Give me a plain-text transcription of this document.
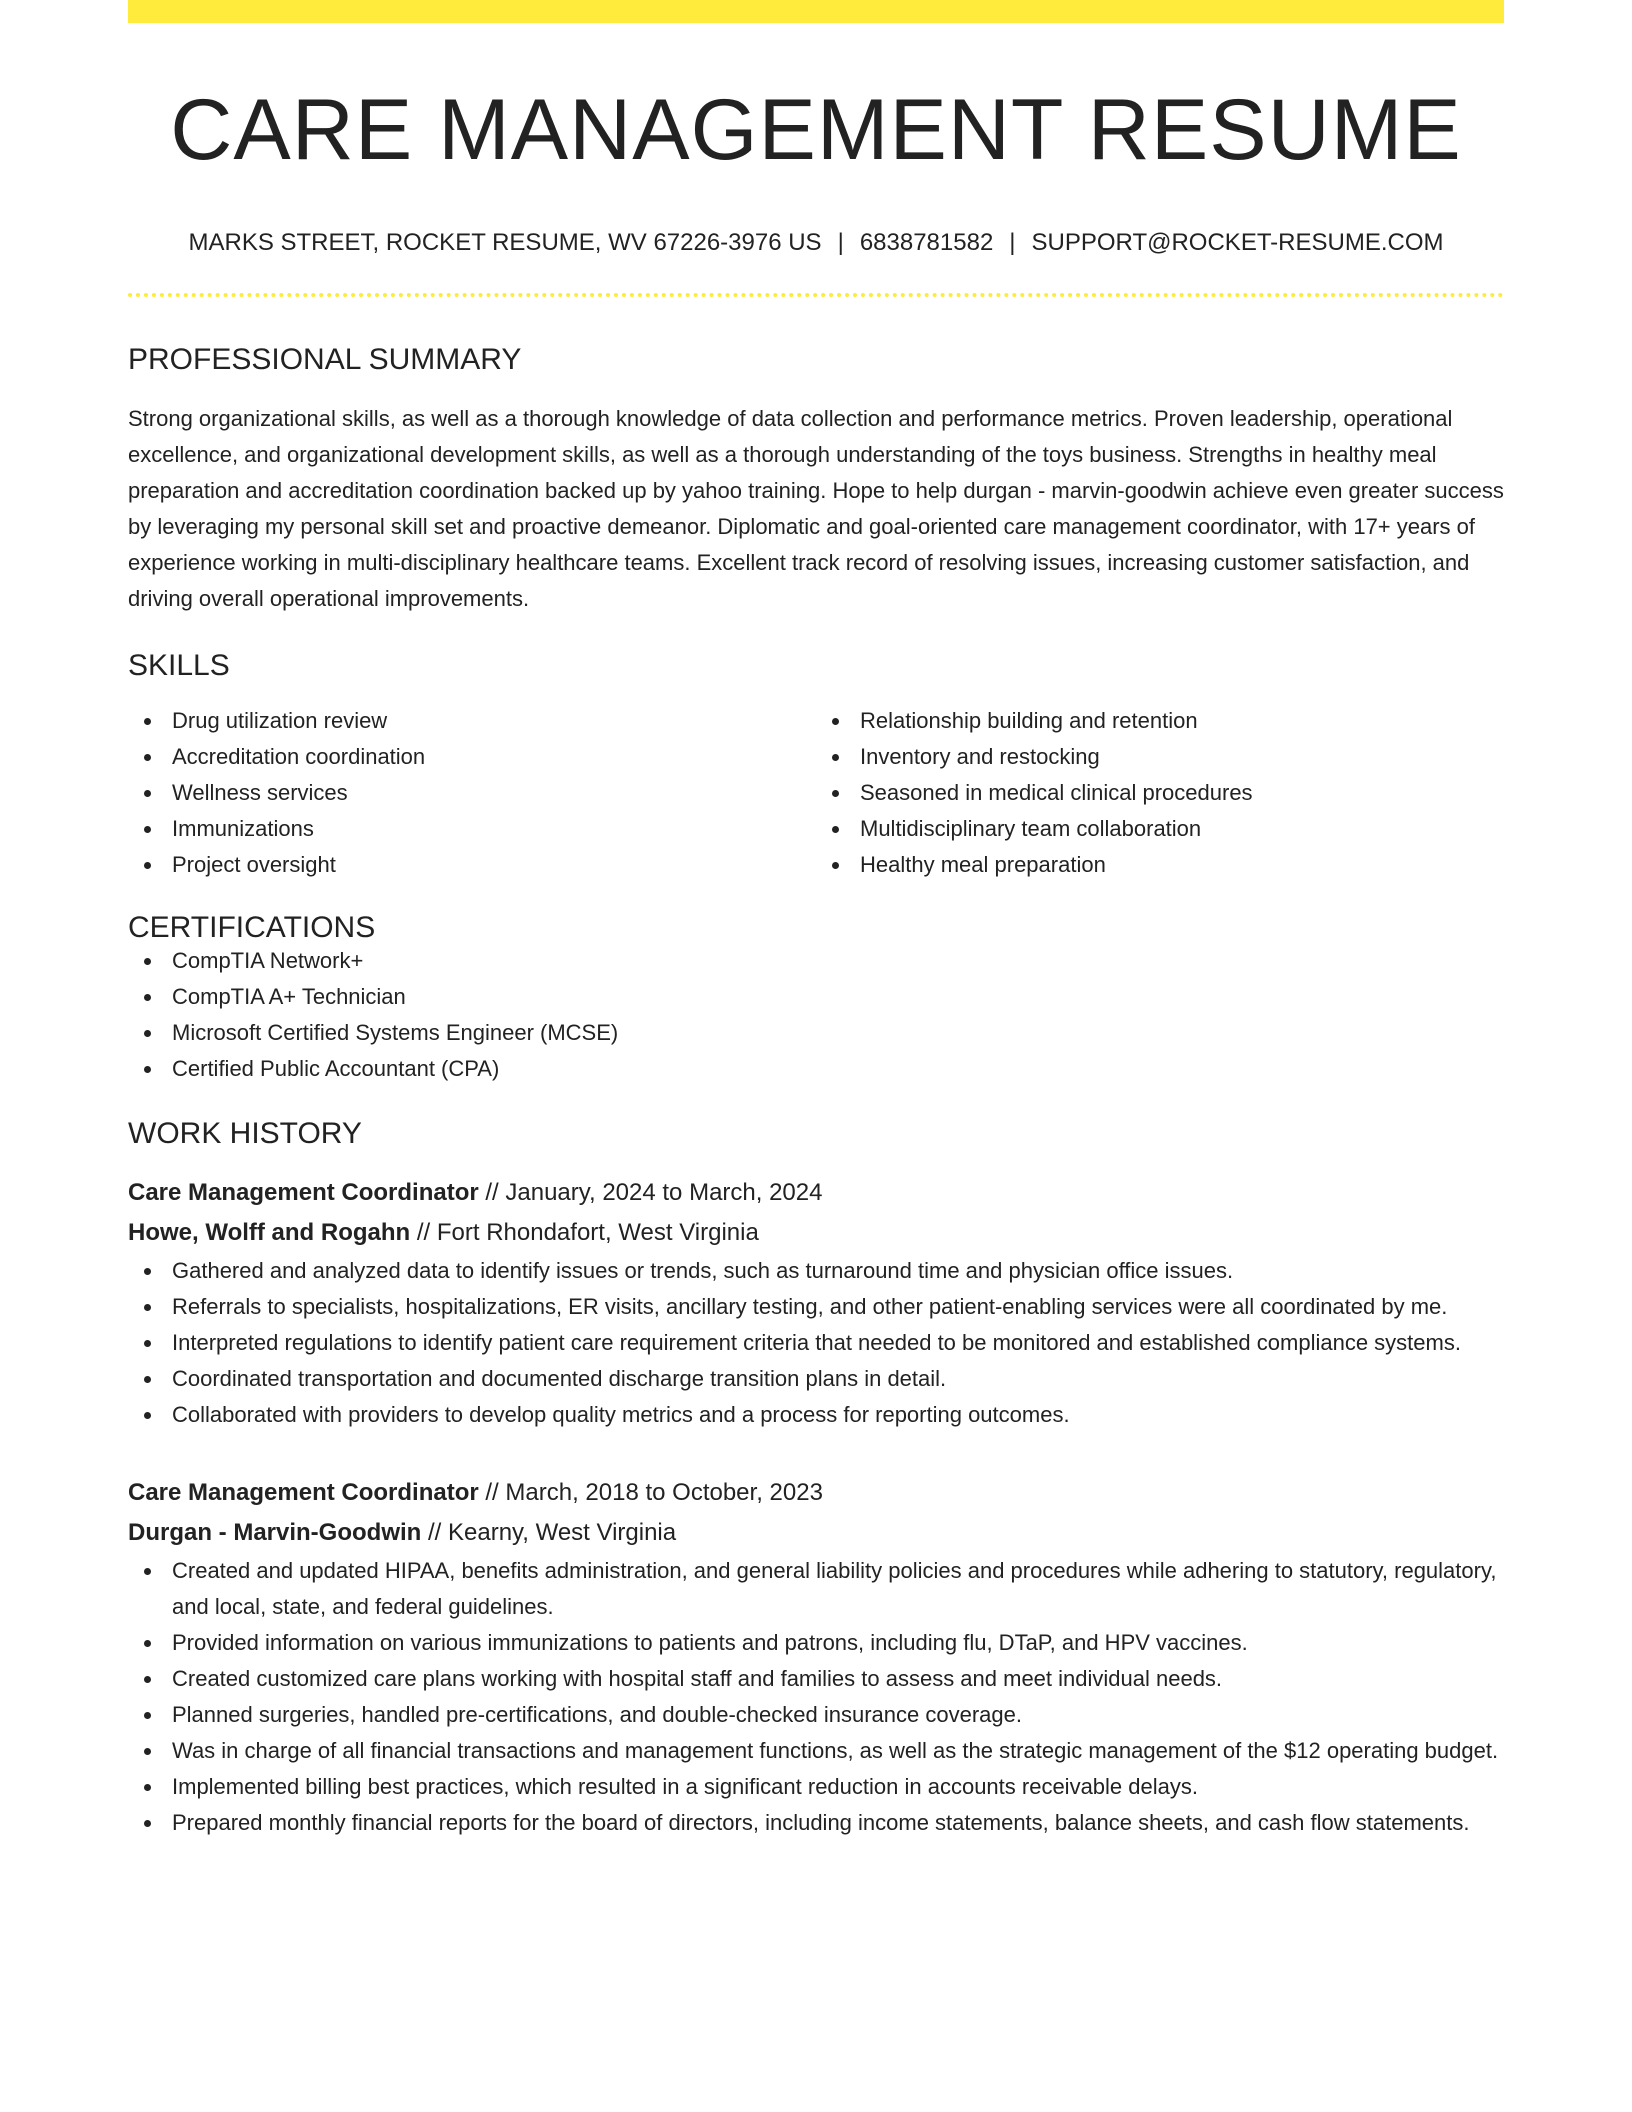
CARE MANAGEMENT RESUME
MARKS STREET, ROCKET RESUME, WV 67226-3976 US | 6838781582 | SUPPORT@ROCKET-RESUME.COM
PROFESSIONAL SUMMARY

Strong organizational skills, as well as a thorough knowledge of data collection and performance metrics. Proven leadership, operational excellence, and organizational development skills, as well as a thorough understanding of the toys business. Strengths in healthy meal preparation and accreditation coordination backed up by yahoo training. Hope to help durgan - marvin-goodwin achieve even greater success by leveraging my personal skill set and proactive demeanor. Diplomatic and goal-oriented care management coordinator, with 17+ years of experience working in multi-disciplinary healthcare teams. Excellent track record of resolving issues, increasing customer satisfaction, and driving overall operational improvements.

SKILLS
Drug utilization review
Accreditation coordination
Wellness services
Immunizations
Project oversight
Relationship building and retention
Inventory and restocking
Seasoned in medical clinical procedures
Multidisciplinary team collaboration
Healthy meal preparation
CERTIFICATIONS
CompTIA Network+
CompTIA A+ Technician
Microsoft Certified Systems Engineer (MCSE)
Certified Public Accountant (CPA)
WORK HISTORY
Care Management Coordinator // January, 2024 to March, 2024
Howe, Wolff and Rogahn // Fort Rhondafort, West Virginia
Gathered and analyzed data to identify issues or trends, such as turnaround time and physician office issues.
Referrals to specialists, hospitalizations, ER visits, ancillary testing, and other patient-enabling services were all coordinated by me.
Interpreted regulations to identify patient care requirement criteria that needed to be monitored and established compliance systems.
Coordinated transportation and documented discharge transition plans in detail.
Collaborated with providers to develop quality metrics and a process for reporting outcomes.
Care Management Coordinator // March, 2018 to October, 2023
Durgan - Marvin-Goodwin // Kearny, West Virginia
Created and updated HIPAA, benefits administration, and general liability policies and procedures while adhering to statutory, regulatory, and local, state, and federal guidelines.
Provided information on various immunizations to patients and patrons, including flu, DTaP, and HPV vaccines.
Created customized care plans working with hospital staff and families to assess and meet individual needs.
Planned surgeries, handled pre-certifications, and double-checked insurance coverage.
Was in charge of all financial transactions and management functions, as well as the strategic management of the $12 operating budget.
Implemented billing best practices, which resulted in a significant reduction in accounts receivable delays.
Prepared monthly financial reports for the board of directors, including income statements, balance sheets, and cash flow statements.
